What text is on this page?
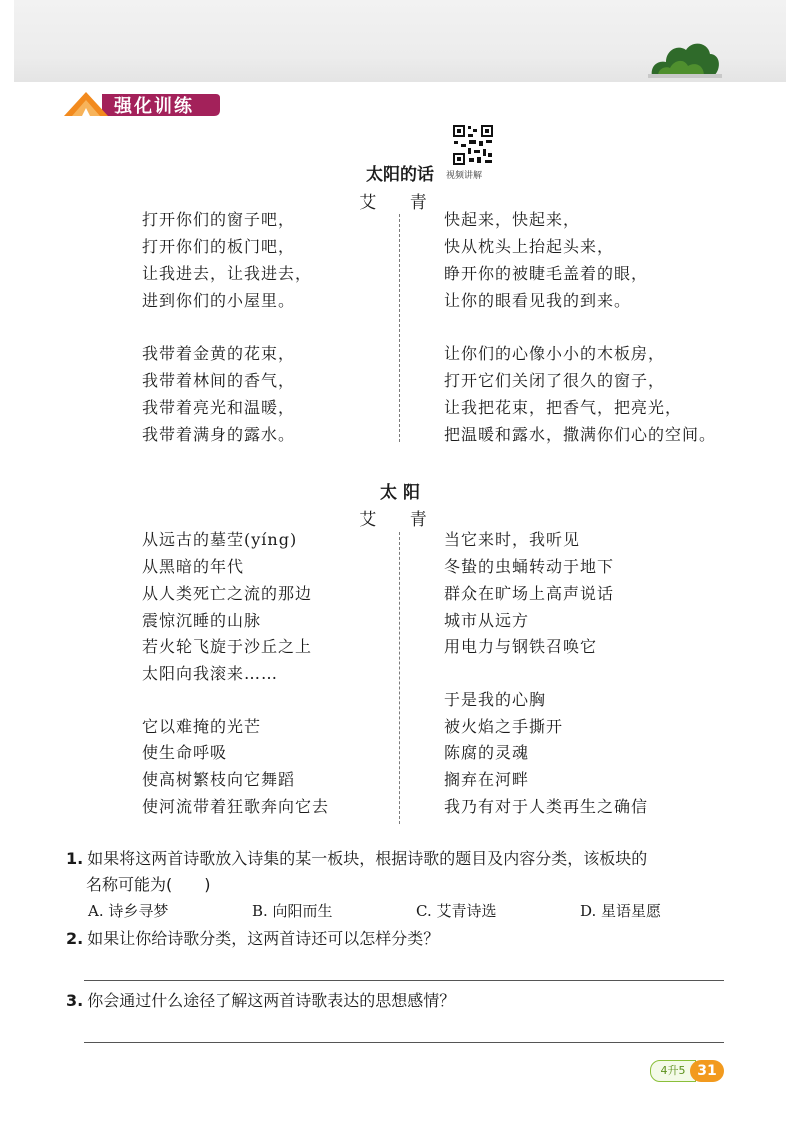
强化训练
视频讲解
太阳的话
艾 青
打开你们的窗子吧，
打开你们的板门吧，
让我进去，让我进去，
进到你们的小屋里。
我带着金黄的花束，
我带着林间的香气，
我带着亮光和温暖，
我带着满身的露水。
快起来，快起来，
快从枕头上抬起头来，
睁开你的被睫毛盖着的眼，
让你的眼看见我的到来。
让你们的心像小小的木板房，
打开它们关闭了很久的窗子，
让我把花束，把香气，把亮光，
把温暖和露水，撒满你们心的空间。
太 阳
艾 青
从远古的墓茔(yíng)
从黑暗的年代
从人类死亡之流的那边
震惊沉睡的山脉
若火轮飞旋于沙丘之上
太阳向我滚来……
它以难掩的光芒
使生命呼吸
使高树繁枝向它舞蹈
使河流带着狂歌奔向它去
当它来时，我听见
冬蛰的虫蛹转动于地下
群众在旷场上高声说话
城市从远方
用电力与钢铁召唤它
于是我的心胸
被火焰之手撕开
陈腐的灵魂
搁弃在河畔
我乃有对于人类再生之确信
1. 如果将这两首诗歌放入诗集的某一板块，根据诗歌的题目及内容分类，该板块的
名称可能为(　　)
A. 诗乡寻梦	B. 向阳而生	C. 艾青诗选	D. 星语星愿
2. 如果让你给诗歌分类，这两首诗还可以怎样分类？
3. 你会通过什么途径了解这两首诗歌表达的思想感情？
4升5 31
